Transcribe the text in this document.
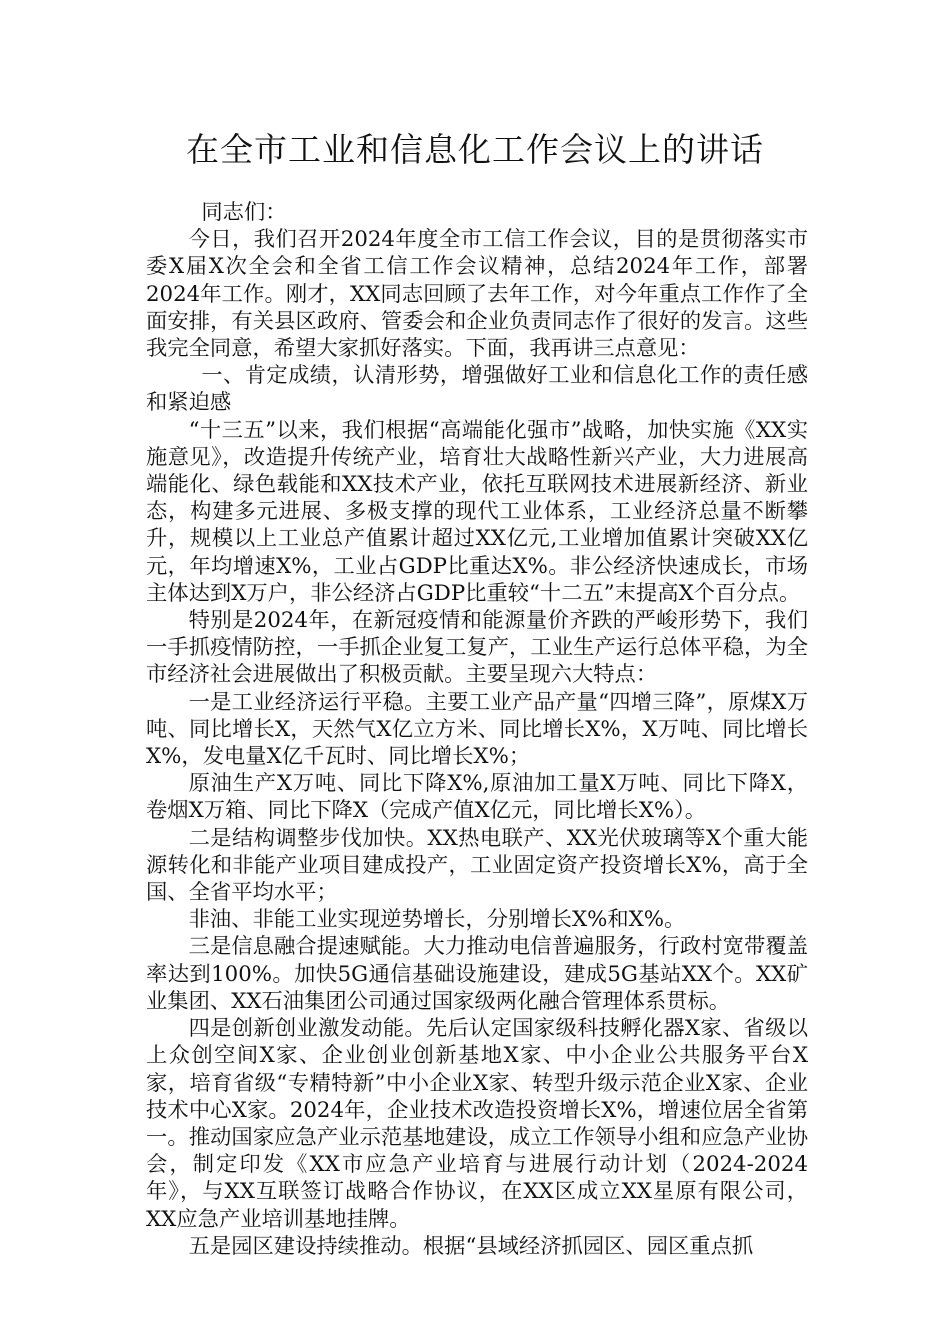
在全市工业和信息化工作会议上的讲话

同志们：

今日，我们召开2024年度全市工信工作会议，目的是贯彻落实市委X届X次全会和全省工信工作会议精神，总结2024年工作，部署2024年工作。刚才，XX同志回顾了去年工作，对今年重点工作作了全面安排，有关县区政府、管委会和企业负责同志作了很好的发言。这些我完全同意，希望大家抓好落实。下面，我再讲三点意见：

一、肯定成绩，认清形势，增强做好工业和信息化工作的责任感和紧迫感

“十三五”以来，我们根据“高端能化强市”战略，加快实施《XX实施意见》，改造提升传统产业，培育壮大战略性新兴产业，大力进展高端能化、绿色载能和XX技术产业，依托互联网技术进展新经济、新业态，构建多元进展、多极支撑的现代工业体系，工业经济总量不断攀升，规模以上工业总产值累计超过XX亿元,工业增加值累计突破XX亿元，年均增速X%，工业占GDP比重达X%。非公经济快速成长，市场主体达到X万户，非公经济占GDP比重较“十二五”末提高X个百分点。

特别是2024年，在新冠疫情和能源量价齐跌的严峻形势下，我们一手抓疫情防控，一手抓企业复工复产，工业生产运行总体平稳，为全市经济社会进展做出了积极贡献。主要呈现六大特点：

一是工业经济运行平稳。主要工业产品产量“四增三降”，原煤X万吨、同比增长X，天然气X亿立方米、同比增长X%，X万吨、同比增长X%，发电量X亿千瓦时、同比增长X%；

原油生产X万吨、同比下降X%,原油加工量X万吨、同比下降X，卷烟X万箱、同比下降X（完成产值X亿元，同比增长X%）。

二是结构调整步伐加快。XX热电联产、XX光伏玻璃等X个重大能源转化和非能产业项目建成投产，工业固定资产投资增长X%，高于全国、全省平均水平；

非油、非能工业实现逆势增长，分别增长X%和X%。

三是信息融合提速赋能。大力推动电信普遍服务，行政村宽带覆盖率达到100%。加快5G通信基础设施建设，建成5G基站XX个。XX矿业集团、XX石油集团公司通过国家级两化融合管理体系贯标。

四是创新创业激发动能。先后认定国家级科技孵化器X家、省级以上众创空间X家、企业创业创新基地X家、中小企业公共服务平台X家，培育省级“专精特新”中小企业X家、转型升级示范企业X家、企业技术中心X家。2024年，企业技术改造投资增长X%，增速位居全省第一。推动国家应急产业示范基地建设，成立工作领导小组和应急产业协会，制定印发《XX市应急产业培育与进展行动计划（2024-2024年》，与XX互联签订战略合作协议，在XX区成立XX星原有限公司，XX应急产业培训基地挂牌。

五是园区建设持续推动。根据“县域经济抓园区、园区重点抓
